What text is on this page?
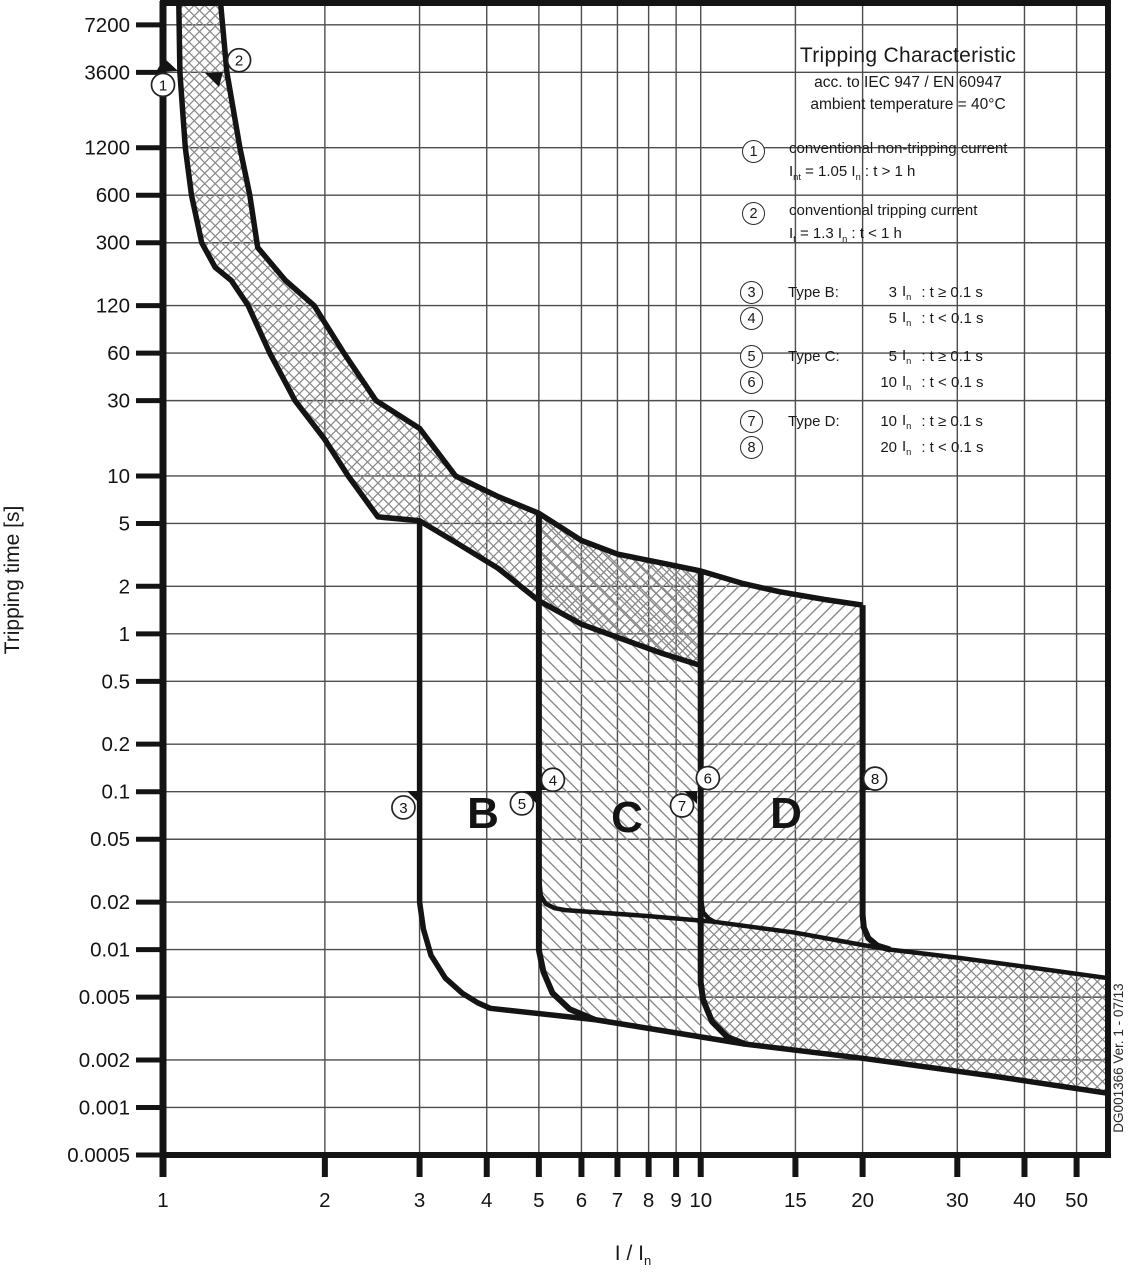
7200
3600
1200
600
300
120
60
30
10
5
2
1
0.5
0.2
0.1
0.05
0.02
0.01
0.005
0.002
0.001
0.0005
1	2	3	4 5 6 7 8 9 10	15 20	30 40 50
B	C	D
1
2
3
4
5
6
7
8
Tripping Characteristic
acc. to IEC 947 / EN 60947
ambient temperature = 40°C
1	conventional non-tripping current
$I_{nt} = 1.05$ $I_n$ : t > 1 h
2	conventional tripping current
$I_t = 1.3$ $I_n$ : t < 1 h
3	Type B:	3 $I_n$ : t ≥ 0.1 s
4	5 $I_n$ : t < 0.1 s
5	Type C:	5 $I_n$ : t ≥ 0.1 s
6	10 $I_n$ : t < 0.1 s
7	Type D:	10 $I_n$ : t ≥ 0.1 s
8	20 $I_n$ : t < 0.1 s
Tripping time [s]
I / $I_n$
DG001366 Ver. 1 - 07/13
